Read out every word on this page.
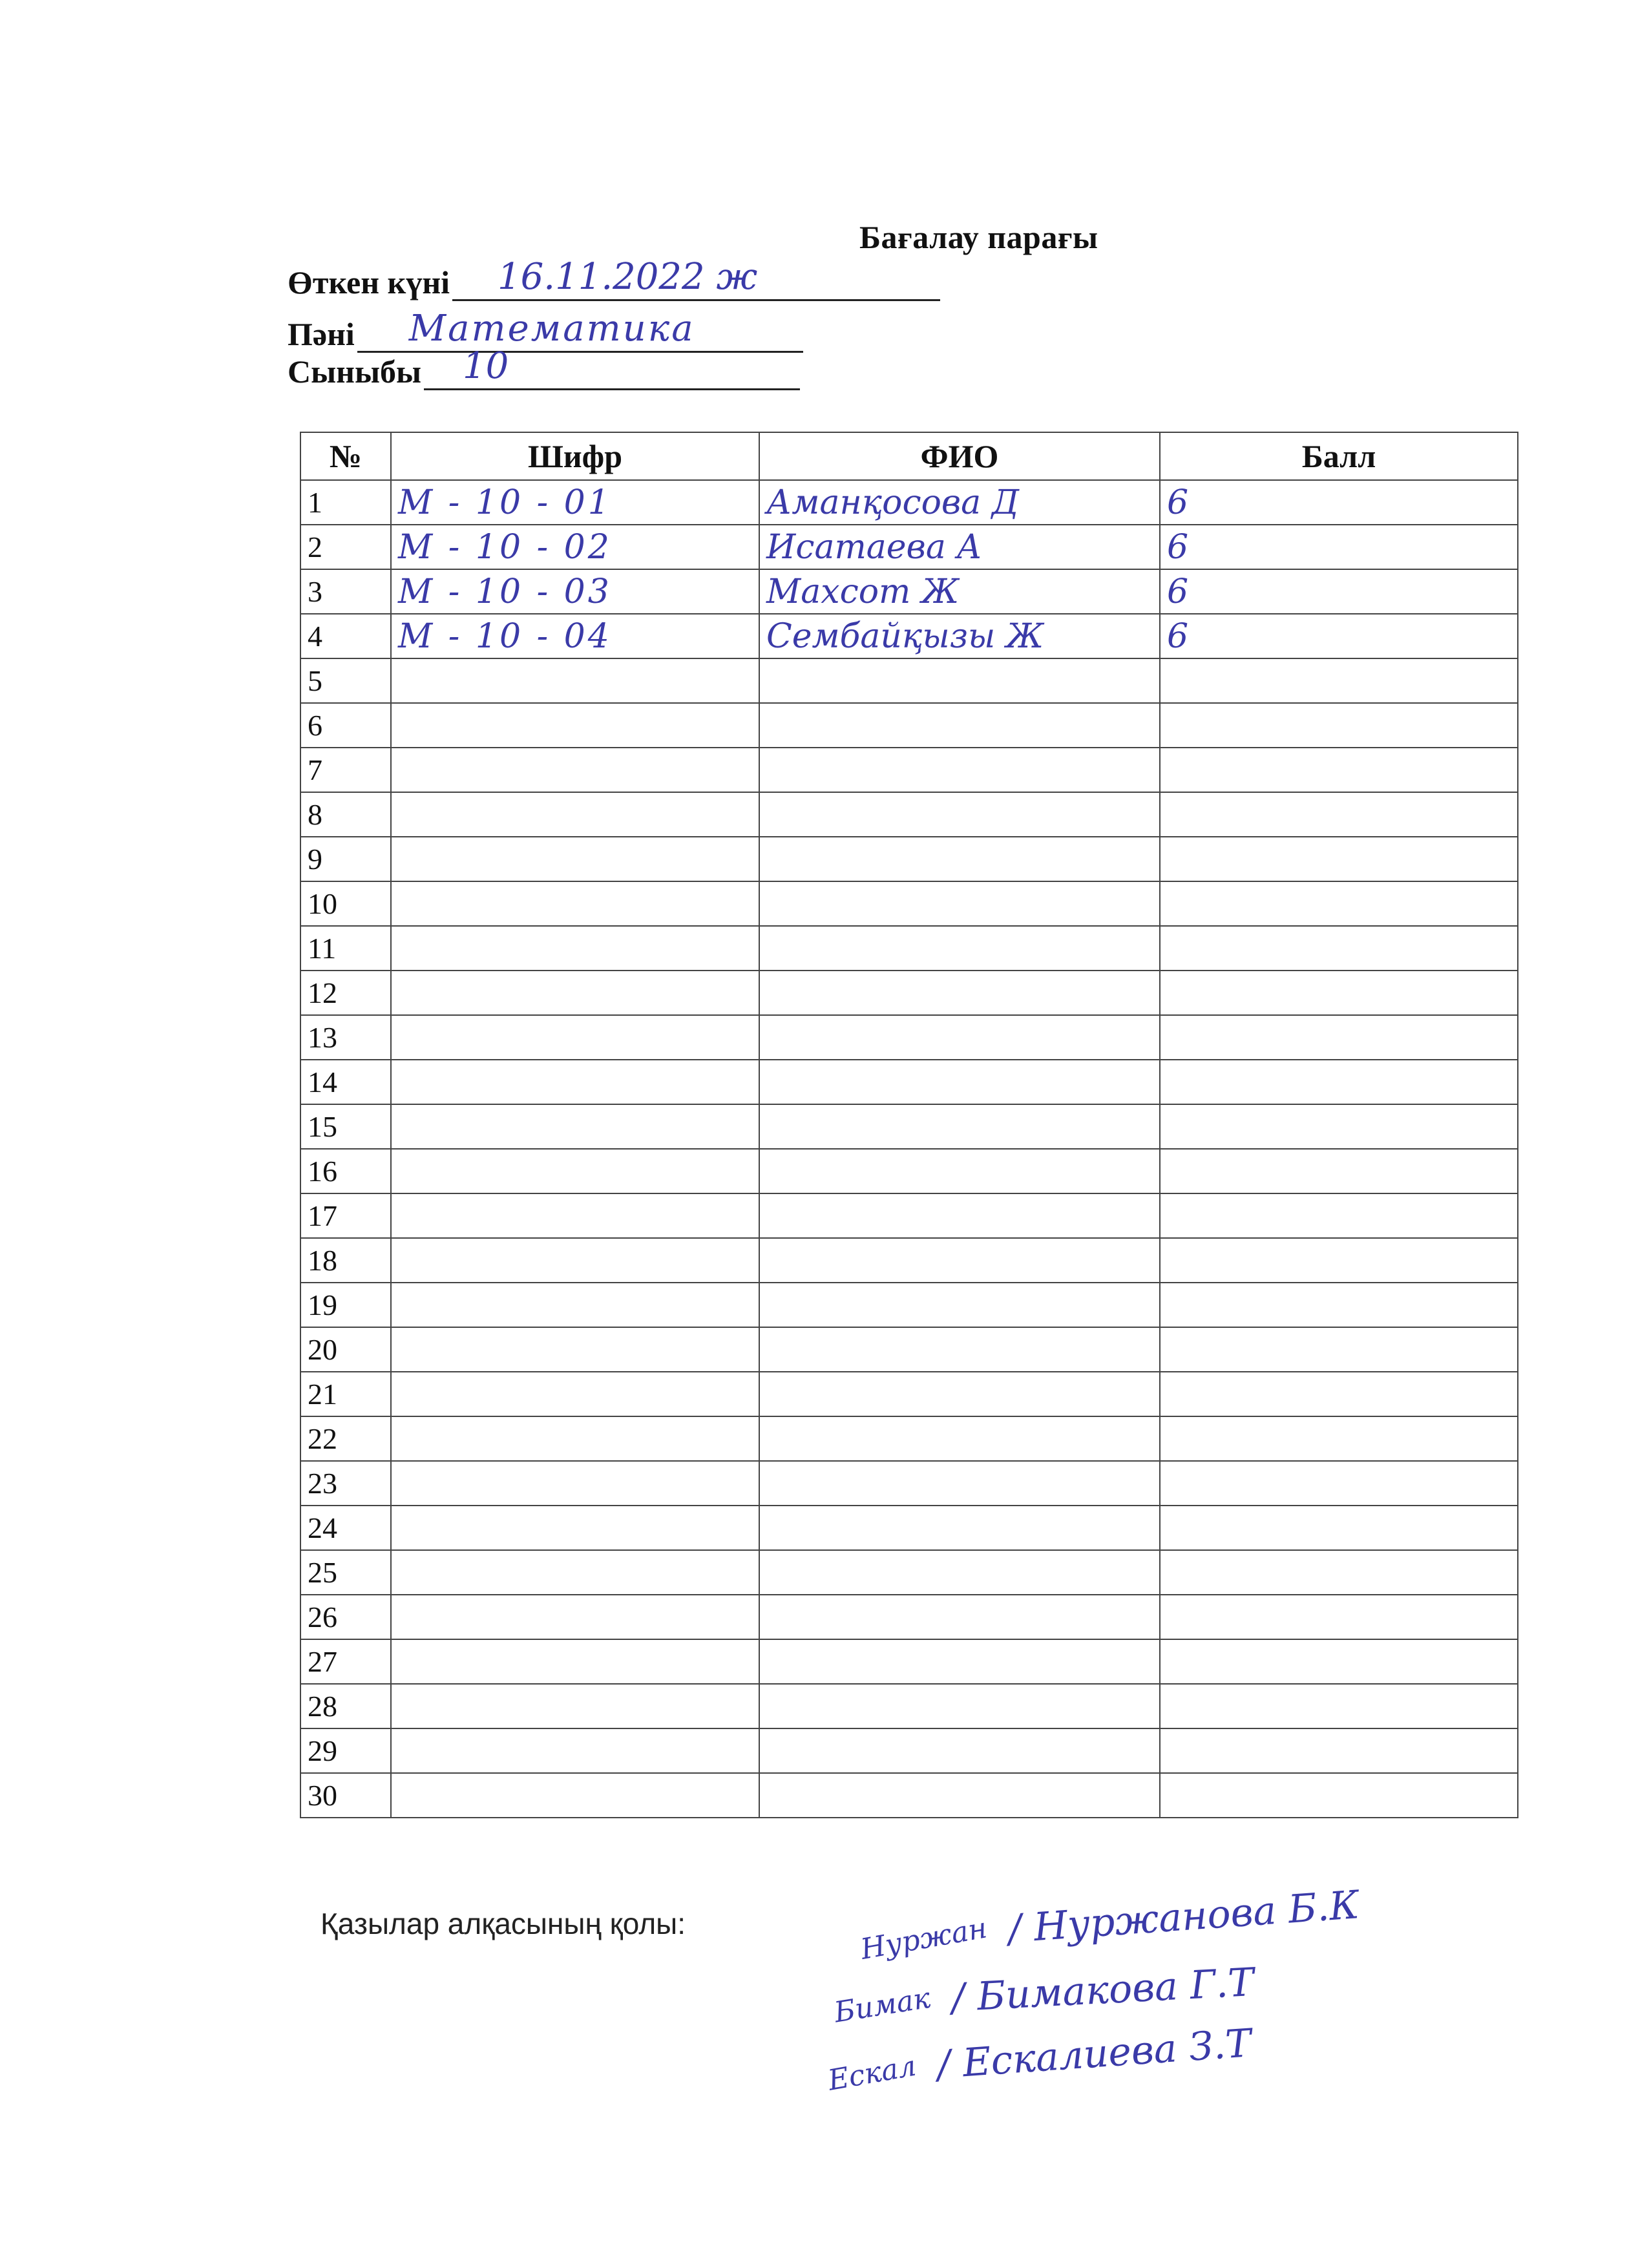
Бағалау парағы
Өткен күні 16.11.2022 ж
Пәні Математика
Сыныбы 10
№	Шифр	ФИО	Балл
1	М - 10 - 01	Аманқосова Д	6
2	М - 10 - 02	Исатаева А	6
3	М - 10 - 03	Махсот Ж	6
4	М - 10 - 04	Сембайқызы Ж	6
5			
6			
7			
8			
9			
10			
11			
12			
13			
14			
15			
16			
17			
18			
19			
20			
21			
22			
23			
24			
25			
26			
27			
28			
29			
30			
Қазылар алқасының қолы:	Нуржан / Нуржанова Б.К
Бимак / Бимакова Г.Т
Ескал / Ескалиева З.Т
